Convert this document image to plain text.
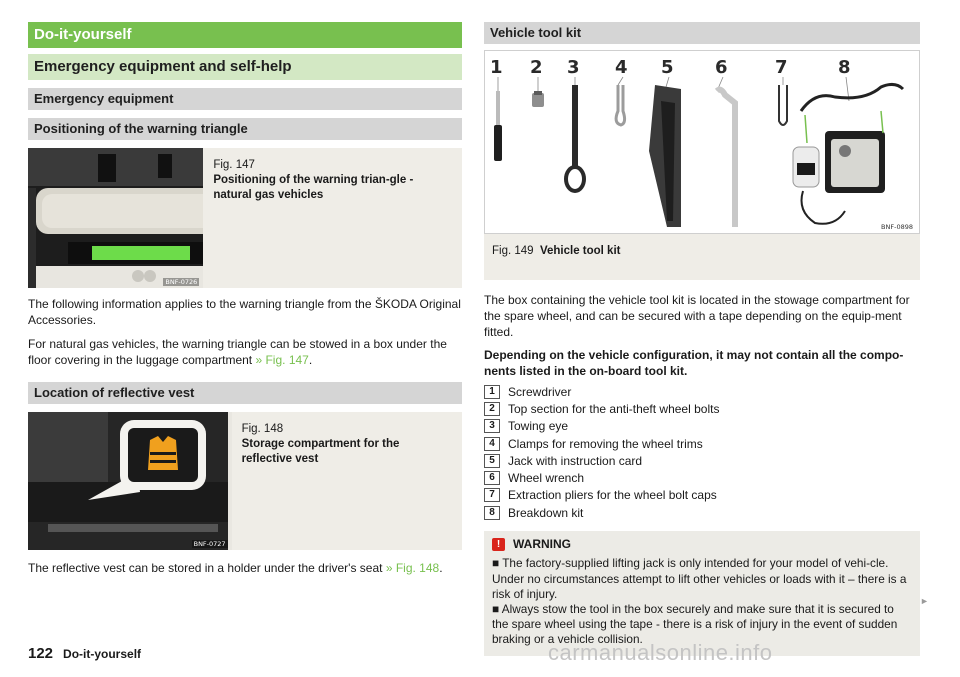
Do-it-yourself
Emergency equipment and self-help
Emergency equipment
Positioning of the warning triangle
BNF-0726
Fig. 147
Positioning of the warning trian-gle - natural gas vehicles

The following information applies to the warning triangle from the ŠKODA Original Accessories.

For natural gas vehicles, the warning triangle can be stowed in a box under the floor covering in the luggage compartment » Fig. 147.

Location of reflective vest
BNF-0727
Fig. 148
Storage compartment for the reflective vest

The reflective vest can be stored in a holder under the driver's seat » Fig. 148.

Vehicle tool kit
1 2 3 4 5 6	7	8
BNF-0898
Fig. 149 Vehicle tool kit

The box containing the vehicle tool kit is located in the stowage compartment for the spare wheel, and can be secured with a tape depending on the equip-ment fitted.

Depending on the vehicle configuration, it may not contain all the compo-nents listed in the on-board tool kit.

1	Screwdriver
2	Top section for the anti-theft wheel bolts
3	Towing eye
4	Clamps for removing the wheel trims
5	Jack with instruction card
6	Wheel wrench
7	Extraction pliers for the wheel bolt caps
8	Breakdown kit
!	WARNING

■ The factory-supplied lifting jack is only intended for your model of vehi-cle. Under no circumstances attempt to lift other vehicles or loads with it – there is a risk of injury.

■ Always stow the tool in the box securely and make sure that it is secured to the spare wheel using the tape - there is a risk of injury in the event of sudden braking or a vehicle collision.

►
122 Do-it-yourself	carmanualsonline.info
